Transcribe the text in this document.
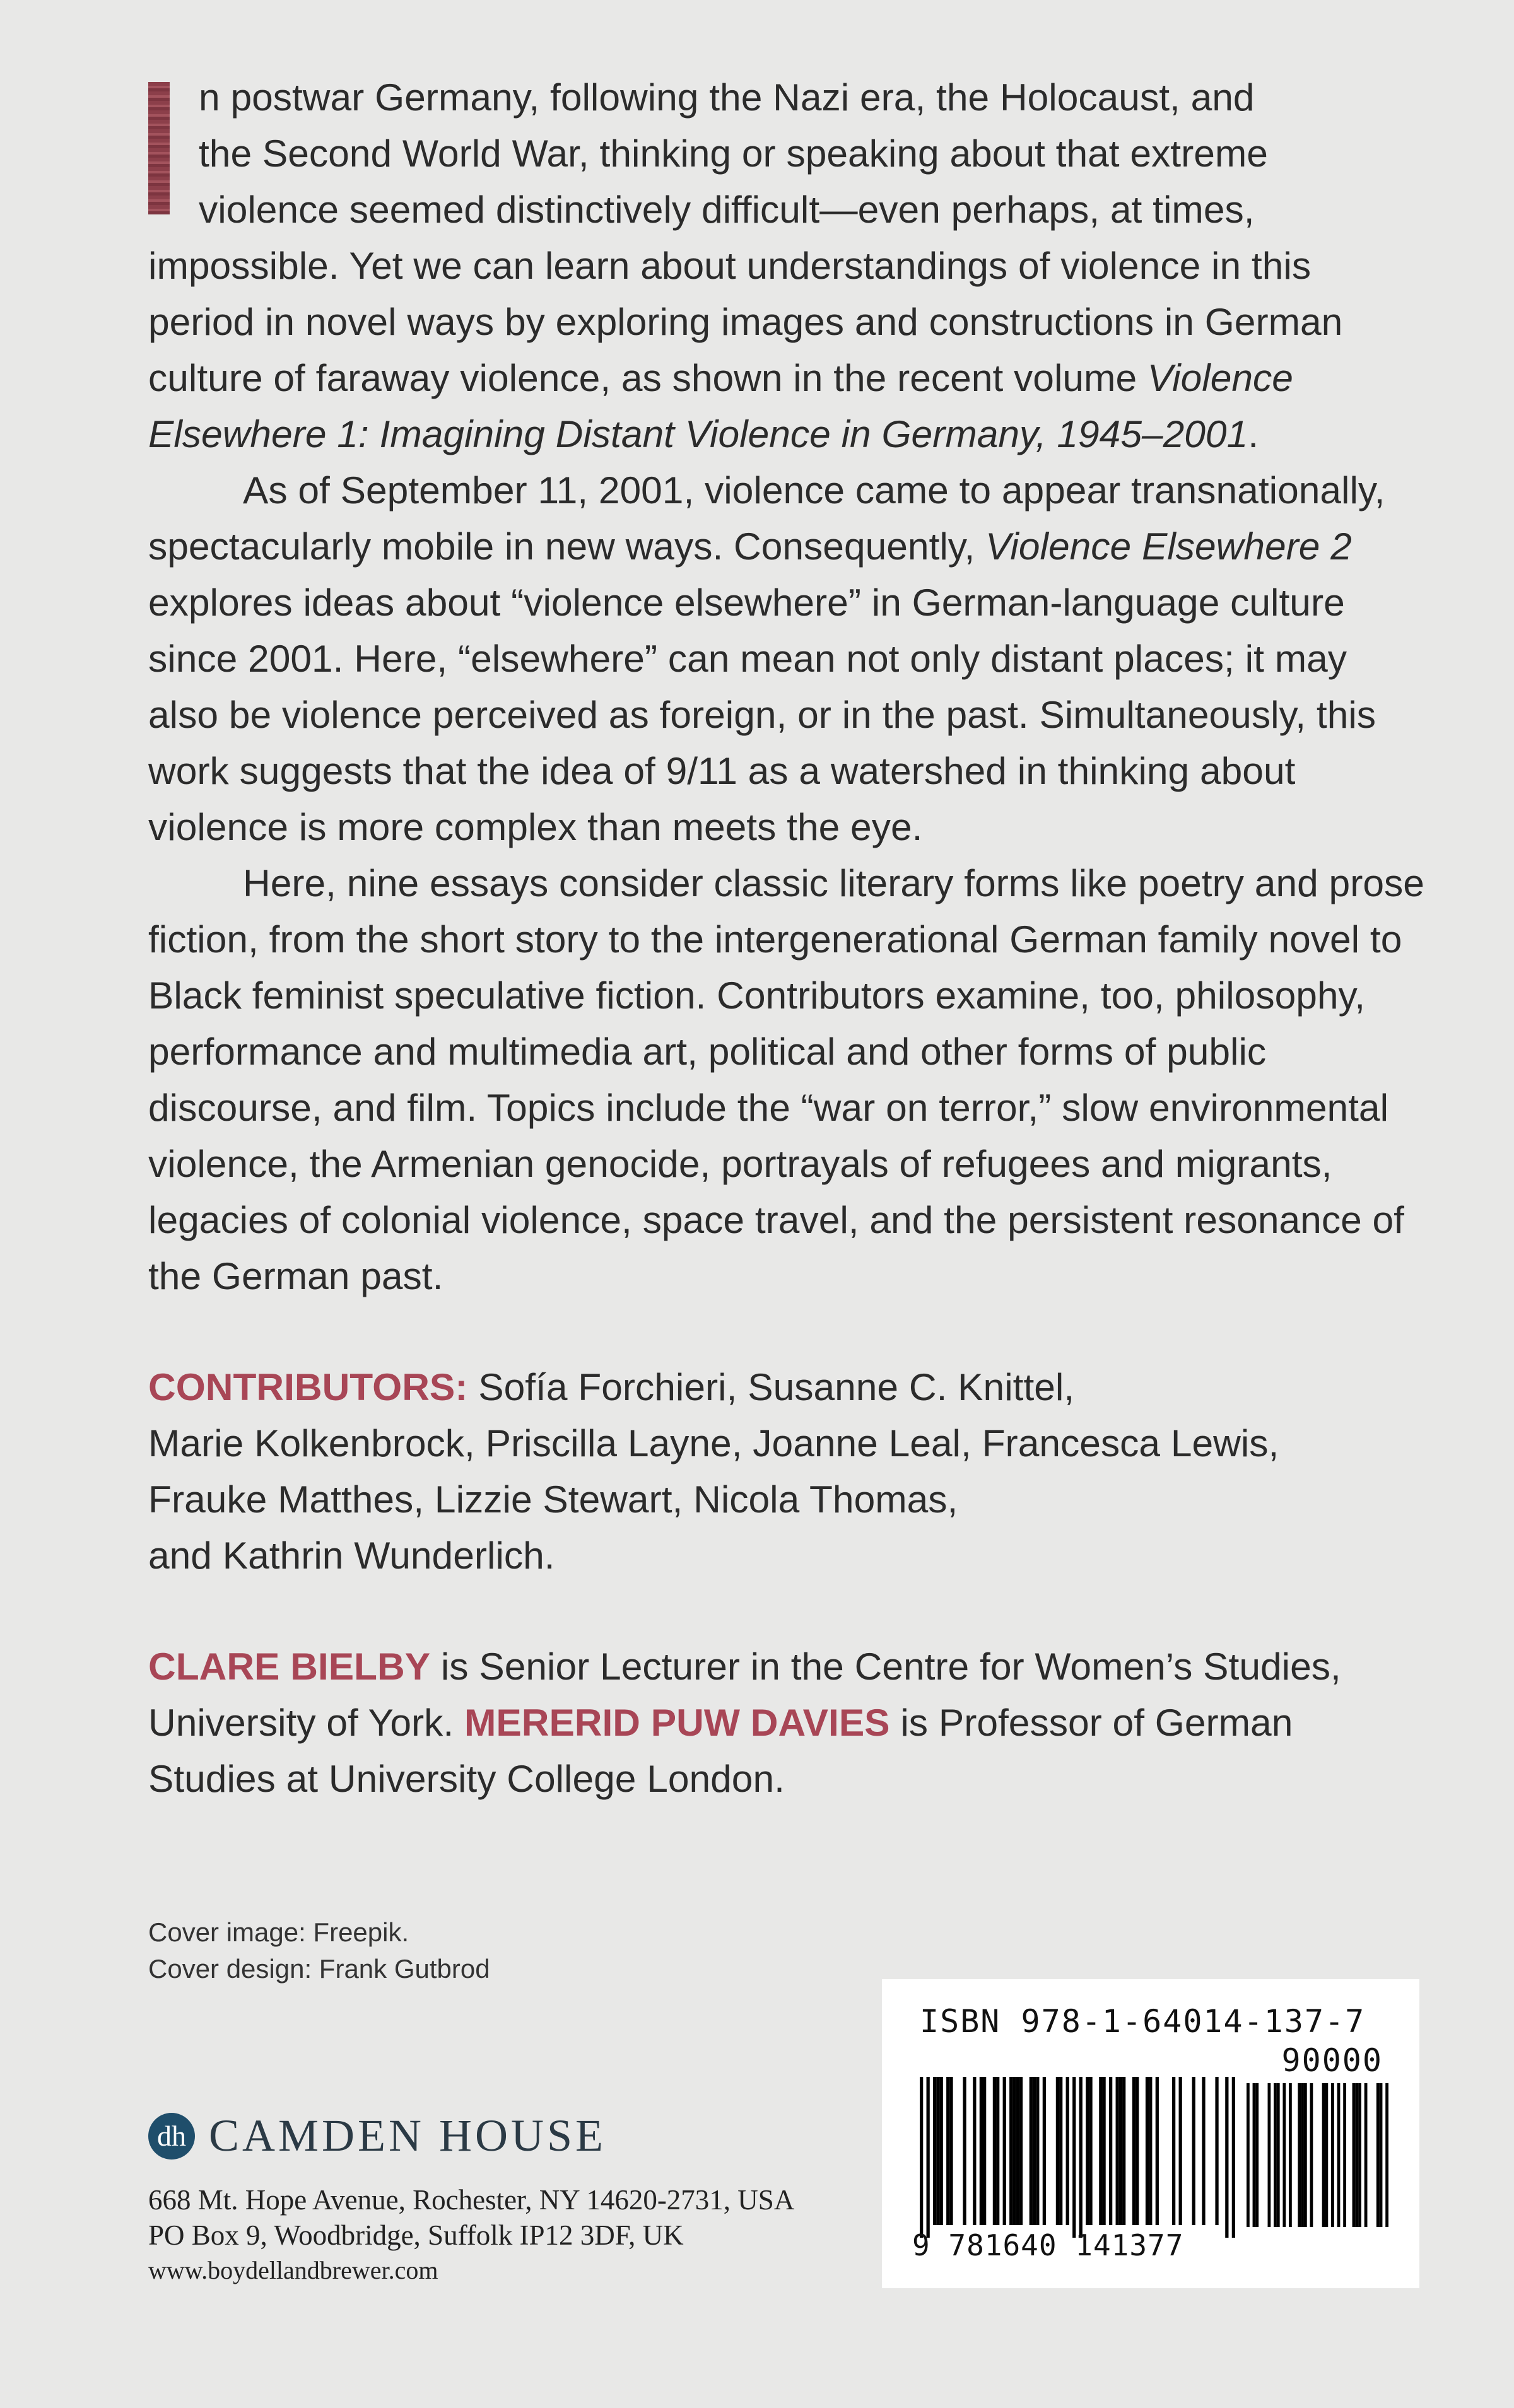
n postwar Germany, following the Nazi era, the Holocaust, and
the Second World War, thinking or speaking about that extreme
violence seemed distinctively difficult—even perhaps, at times,

impossible. Yet we can learn about understandings of violence in this period in novel ways by exploring images and constructions in German culture of faraway violence, as shown in the recent volume Violence Elsewhere 1: Imagining Distant Violence in Germany, 1945–2001.

As of September 11, 2001, violence came to appear transnationally, spectacularly mobile in new ways. Consequently, Violence Elsewhere 2 explores ideas about “violence elsewhere” in German-language culture since 2001. Here, “elsewhere” can mean not only distant places; it may also be violence perceived as foreign, or in the past. Simultaneously, this work suggests that the idea of 9/11 as a watershed in thinking about violence is more complex than meets the eye.

Here, nine essays consider classic literary forms like poetry and prose fiction, from the short story to the intergenerational German family novel to Black feminist speculative fiction. Contributors examine, too, philosophy, performance and multimedia art, political and other forms of public discourse, and film. Topics include the “war on terror,” slow environmental violence, the Armenian genocide, portrayals of refugees and migrants, legacies of colonial violence, space travel, and the persistent resonance of the German past.

CONTRIBUTORS: Sofía Forchieri, Susanne C. Knittel,
Marie Kolkenbrock, Priscilla Layne, Joanne Leal, Francesca Lewis,
Frauke Matthes, Lizzie Stewart, Nicola Thomas,
and Kathrin Wunderlich.
CLARE BIELBY is Senior Lecturer in the Centre for Women’s Studies,
University of York. MERERID PUW DAVIES is Professor of German
Studies at University College London.
Cover image: Freepik.
Cover design: Frank Gutbrod
dh CAMDEN HOUSE
668 Mt. Hope Avenue, Rochester, NY 14620-2731, USA
PO Box 9, Woodbridge, Suffolk IP12 3DF, UK
www.boydellandbrewer.com
ISBN 978-1-64014-137-7
90000
9 781640 141377
